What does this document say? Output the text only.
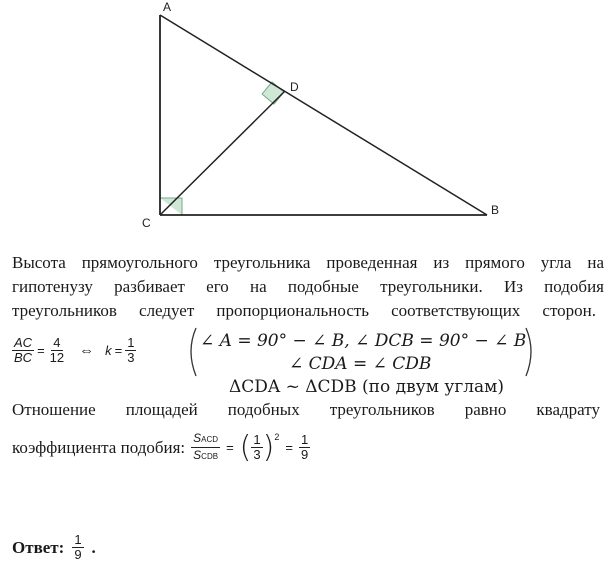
A
D
C
B
Высота прямоугольного треугольника проведенная из прямого угла на
гипотенузу разбивает его на подобные треугольники. Из подобия
треугольников следует пропорциональность соответствующих сторон.
$\frac{AC}{BC} = \frac{4}{12}$ ⇔ $k = \frac{1}{3}$	∠ A = 90° − ∠ B, ∠ DCB = 90° − ∠ B
∠ CDA = ∠ CDB
ΔCDA ~ ΔCDB (по двум углам)
Отношение площадей подобных треугольников равно квадрату
коэффициента подобия: $\frac{\text{SACD}}{\text{SCDB}}$ = ( $\frac{1}{3}$ ) 2
= $\frac{1}{9}$
Ответ: $\frac{1}{9}$ .
